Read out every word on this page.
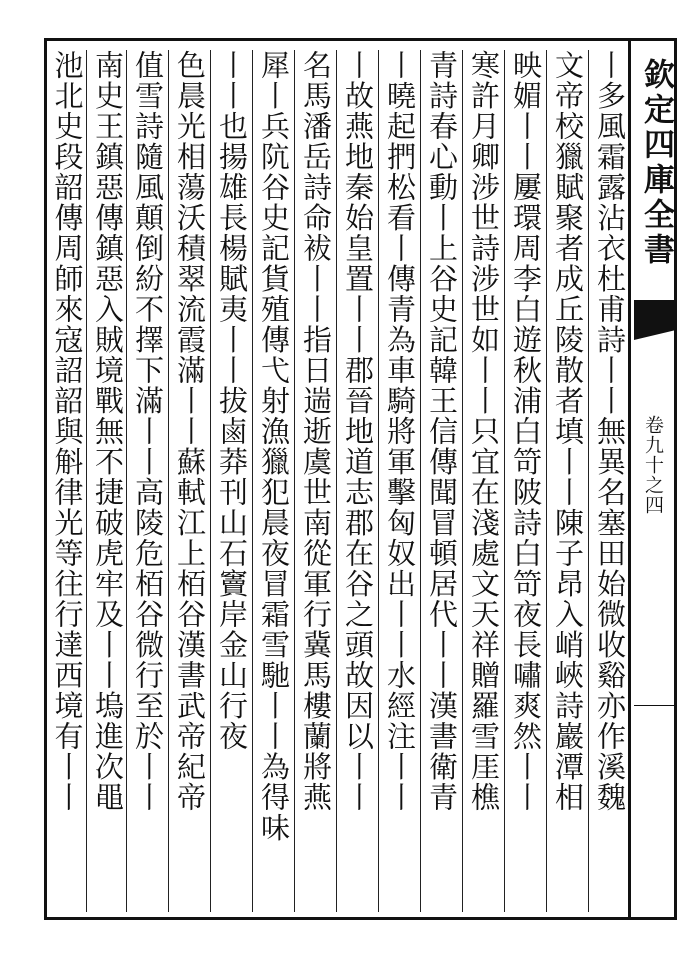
丨多風霜露沾衣杜甫詩丨丨無異名塞田始微收谿亦作溪魏
文帝校獵賦聚者成丘陵散者填丨丨陳子昂入峭峽詩巖潭相
映媚丨丨屢環周李白遊秋浦白笴陂詩白笴夜長嘯爽然丨丨
寒許月卿涉世詩涉世如丨丨只宜在淺處文天祥贈羅雪厓樵
青詩春心動丨上谷史記韓王信傳聞冒頓居代丨丨漢書衛青
丨曉起捫松看丨傳青為車騎將軍擊匈奴出丨丨水經注丨丨
丨故燕地秦始皇置丨丨郡晉地道志郡在谷之頭故因以丨丨
名馬潘岳詩命袚丨丨指日遄逝虞世南從軍行冀馬樓蘭將燕
犀丨兵阬谷史記貨殖傳弋射漁獵犯晨夜冒霜雪馳丨丨為得味
丨丨也揚雄長楊賦夷丨丨拔鹵莽刊山石竇岸金山行夜
色晨光相蕩沃積翠流霞滿丨丨蘇軾江上栢谷漢書武帝紀帝
值雪詩隨風顛倒紛不擇下滿丨丨高陵危栢谷微行至於丨丨
南史王鎮惡傳鎮惡入賊境戰無不捷破虎牢及丨丨塢進次黽
池北史段韶傳周師來寇詔韶與斛律光等往行達西境有丨丨	欽定四庫全書
卷九十之四
